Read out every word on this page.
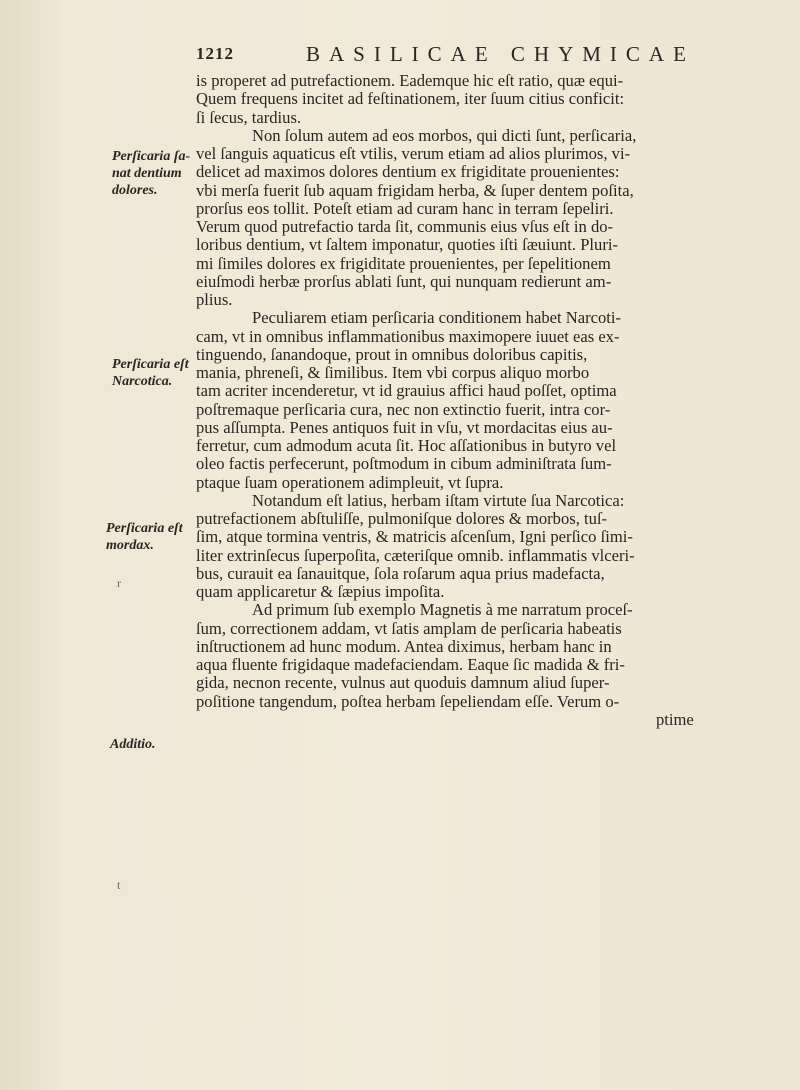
1212	BASILICAE CHYMICAE
Perſicaria ſa- nat dentium dolores.
Perſicaria eſt Narcotica.
Perſicaria eſt mordax.
Additio.
r
t
is properet ad putrefactionem. Eademque hic eſt ratio, quæ equi-
Quem frequens incitet ad feſtinationem, iter ſuum citius conficit:
ſi ſecus, tardius.
Non ſolum autem ad eos morbos, qui dicti ſunt, perſicaria,
vel ſanguis aquaticus eſt vtilis, verum etiam ad alios plurimos, vi-
delicet ad maximos dolores dentium ex frigiditate prouenientes:
vbi merſa fuerit ſub aquam frigidam herba, & ſuper dentem poſita,
prorſus eos tollit. Poteſt etiam ad curam hanc in terram ſepeliri.
Verum quod putrefactio tarda ſit, communis eius vſus eſt in do-
loribus dentium, vt ſaltem imponatur, quoties iſti ſæuiunt. Pluri-
mi ſimiles dolores ex frigiditate prouenientes, per ſepelitionem
eiuſmodi herbæ prorſus ablati ſunt, qui nunquam redierunt am-
plius.
Peculiarem etiam perſicaria conditionem habet Narcoti-
cam, vt in omnibus inflammationibus maximopere iuuet eas ex-
tinguendo, ſanandoque, prout in omnibus doloribus capitis,
mania, phreneſi, & ſimilibus. Item vbi corpus aliquo morbo
tam acriter incenderetur, vt id grauius affici haud poſſet, optima
poſtremaque perſicaria cura, nec non extinctio fuerit, intra cor-
pus aſſumpta. Penes antiquos fuit in vſu, vt mordacitas eius au-
ferretur, cum admodum acuta ſit. Hoc aſſationibus in butyro vel
oleo factis perfecerunt, poſtmodum in cibum adminiſtrata ſum-
ptaque ſuam operationem adimpleuit, vt ſupra.
Notandum eſt latius, herbam iſtam virtute ſua Narcotica:
putrefactionem abſtuliſſe, pulmoniſque dolores & morbos, tuſ-
ſim, atque tormina ventris, & matricis aſcenſum, Igni perſico ſimi-
liter extrinſecus ſuperpoſita, cæteriſque omnib. inflammatis vlceri-
bus, curauit ea ſanauitque, ſola roſarum aqua prius madefacta,
quam applicaretur & ſæpius impoſita.
Ad primum ſub exemplo Magnetis à me narratum proceſ-
ſum, correctionem addam, vt ſatis amplam de perſicaria habeatis
inſtructionem ad hunc modum. Antea diximus, herbam hanc in
aqua fluente frigidaque madefaciendam. Eaque ſic madida & fri-
gida, necnon recente, vulnus aut quoduis damnum aliud ſuper-
poſitione tangendum, poſtea herbam ſepeliendam eſſe. Verum o-
ptime
